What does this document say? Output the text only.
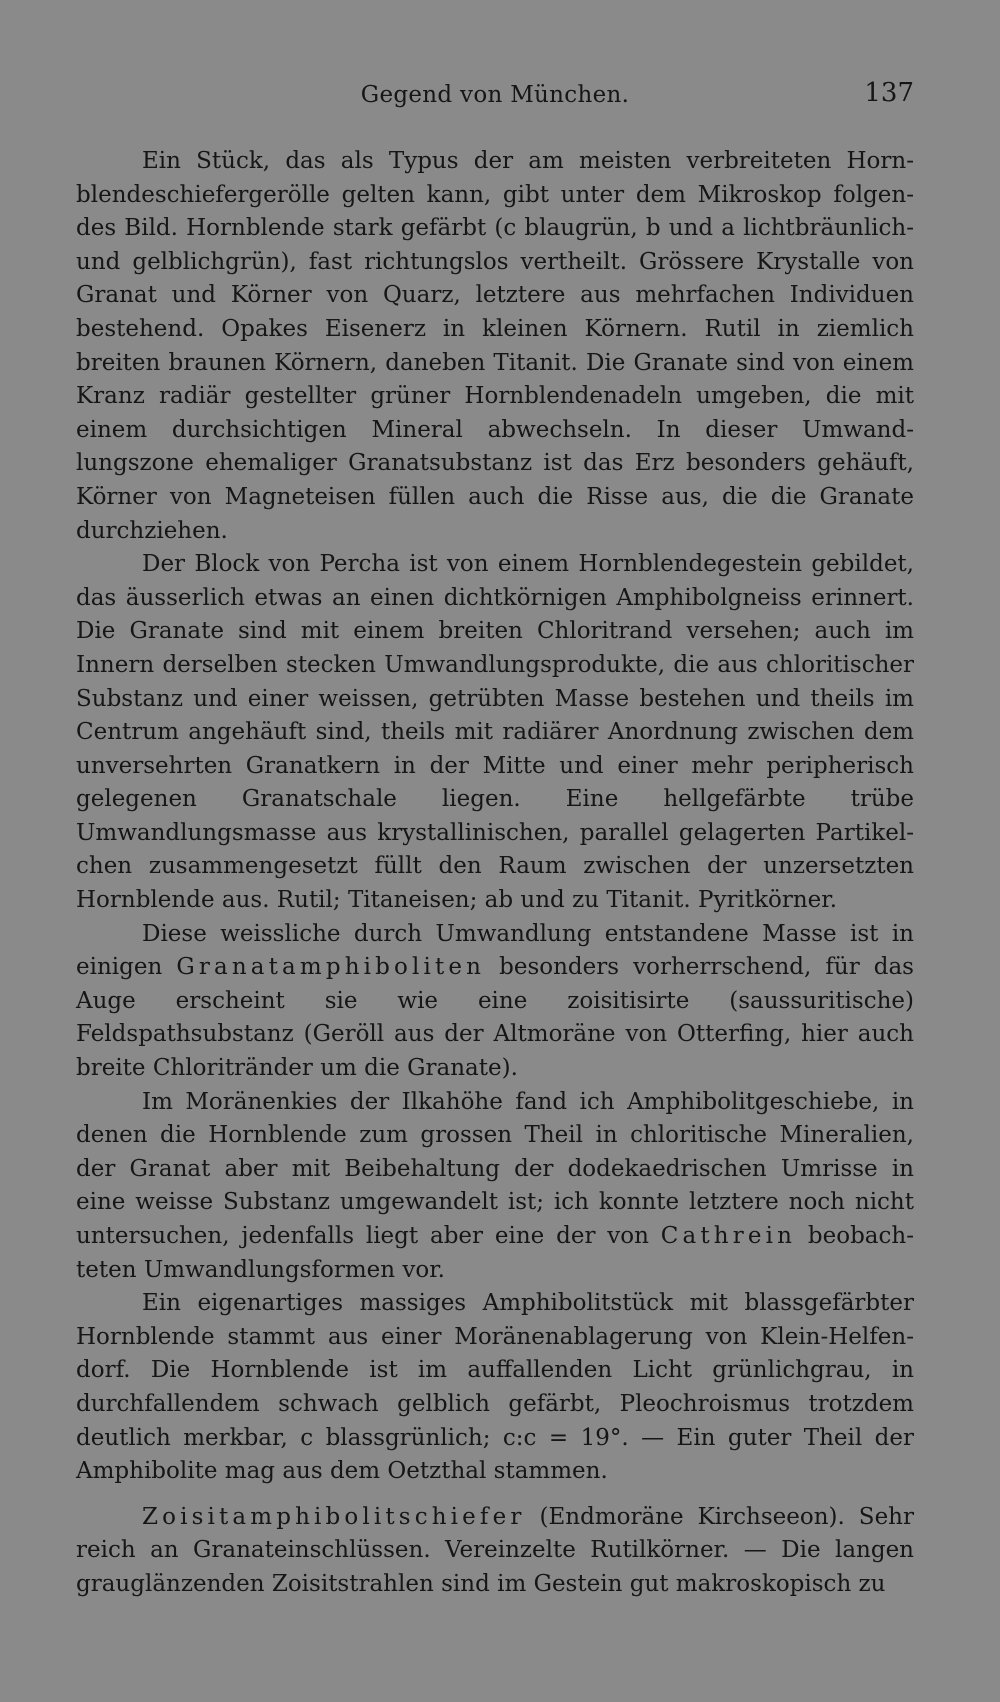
Gegend von München.	137

Ein Stück, das als Typus der am meisten verbreiteten Hornblendeschiefergerölle gelten kann, gibt unter dem Mikroskop folgendes Bild. Hornblende stark gefärbt (c blaugrün, b und a lichtbräunlich- und gelblichgrün), fast richtungslos vertheilt. Grössere Krystalle von Granat und Körner von Quarz, letztere aus mehrfachen Individuen bestehend. Opakes Eisenerz in kleinen Körnern. Rutil in ziemlich breiten braunen Körnern, daneben Titanit. Die Granate sind von einem Kranz radiär gestellter grüner Hornblendenadeln umgeben, die mit einem durchsichtigen Mineral abwechseln. In dieser Umwandlungszone ehemaliger Granatsubstanz ist das Erz besonders gehäuft, Körner von Magneteisen füllen auch die Risse aus, die die Granate durchziehen.

Der Block von Percha ist von einem Hornblendegestein gebildet, das äusserlich etwas an einen dichtkörnigen Amphibolgneiss erinnert. Die Granate sind mit einem breiten Chloritrand versehen; auch im Innern derselben stecken Umwandlungsprodukte, die aus chloritischer Substanz und einer weissen, getrübten Masse bestehen und theils im Centrum angehäuft sind, theils mit radiärer Anordnung zwischen dem unversehrten Granatkern in der Mitte und einer mehr peripherisch gelegenen Granatschale liegen. Eine hellgefärbte trübe Umwandlungsmasse aus krystallinischen, parallel gelagerten Partikelchen zusammengesetzt füllt den Raum zwischen der unzersetzten Hornblende aus. Rutil; Titaneisen; ab und zu Titanit. Pyritkörner.

Diese weissliche durch Umwandlung entstandene Masse ist in einigen Granatamphiboliten besonders vorherrschend, für das Auge erscheint sie wie eine zoisitisirte (saussuritische) Feldspathsubstanz (Geröll aus der Altmoräne von Otterfing, hier auch breite Chloritränder um die Granate).

Im Moränenkies der Ilkahöhe fand ich Amphibolitgeschiebe, in denen die Hornblende zum grossen Theil in chloritische Mineralien, der Granat aber mit Beibehaltung der dodekaedrischen Umrisse in eine weisse Substanz umgewandelt ist; ich konnte letztere noch nicht untersuchen, jedenfalls liegt aber eine der von Cathrein beobachteten Umwandlungsformen vor.

Ein eigenartiges massiges Amphibolitstück mit blassgefärbter Hornblende stammt aus einer Moränenablagerung von Klein-Helfendorf. Die Hornblende ist im auffallenden Licht grünlichgrau, in durchfallendem schwach gelblich gefärbt, Pleochroismus trotzdem deutlich merkbar, c blassgrünlich; c:c = 19°. — Ein guter Theil der Amphibolite mag aus dem Oetzthal stammen.

Zoisitamphibolitschiefer (Endmoräne Kirchseeon). Sehr reich an Granateinschlüssen. Vereinzelte Rutilkörner. — Die langen grauglänzenden Zoisitstrahlen sind im Gestein gut makroskopisch zu
